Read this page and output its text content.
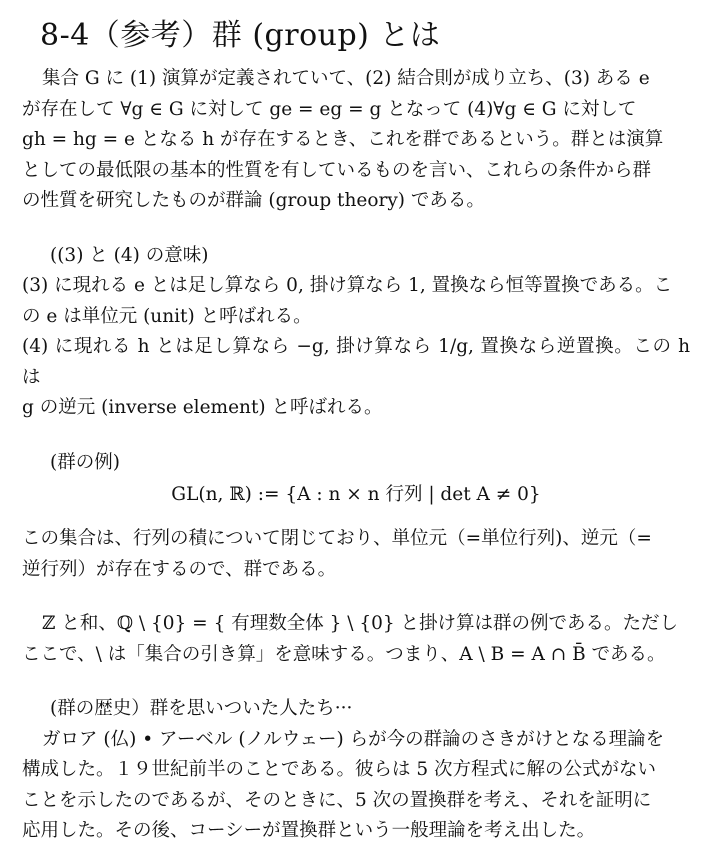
8-4（参考）群 (group) とは

集合 G に (1) 演算が定義されていて、(2) 結合則が成り立ち、(3) ある e

が存在して ∀g ∈ G に対して ge = eg = g となって (4)∀g ∈ G に対して

gh = hg = e となる h が存在するとき、これを群であるという。群とは演算

としての最低限の基本的性質を有しているものを言い、これらの条件から群

の性質を研究したものが群論 (group theory) である。

((3) と (4) の意味)

(3) に現れる e とは足し算なら 0, 掛け算なら 1, 置換なら恒等置換である。こ

の e は単位元 (unit) と呼ばれる。

(4) に現れる h とは足し算なら −g, 掛け算なら 1/g, 置換なら逆置換。この h は

g の逆元 (inverse element) と呼ばれる。

(群の例)

GL(n, ℝ) := {A : n × n 行列 | det A ≠ 0}

この集合は、行列の積について閉じており、単位元（=単位行列)、逆元（=

逆行列）が存在するので、群である。

ℤ と和、ℚ \ {0} = { 有理数全体 } \ {0} と掛け算は群の例である。ただし

ここで、\ は「集合の引き算」を意味する。つまり、A \ B = A ∩ B̄ である。

(群の歴史）群を思いついた人たち···

ガロア (仏) • アーベル (ノルウェー) らが今の群論のさきがけとなる理論を

構成した。１９世紀前半のことである。彼らは 5 次方程式に解の公式がない

ことを示したのであるが、そのときに、5 次の置換群を考え、それを証明に

応用した。その後、コーシーが置換群という一般理論を考え出した。
